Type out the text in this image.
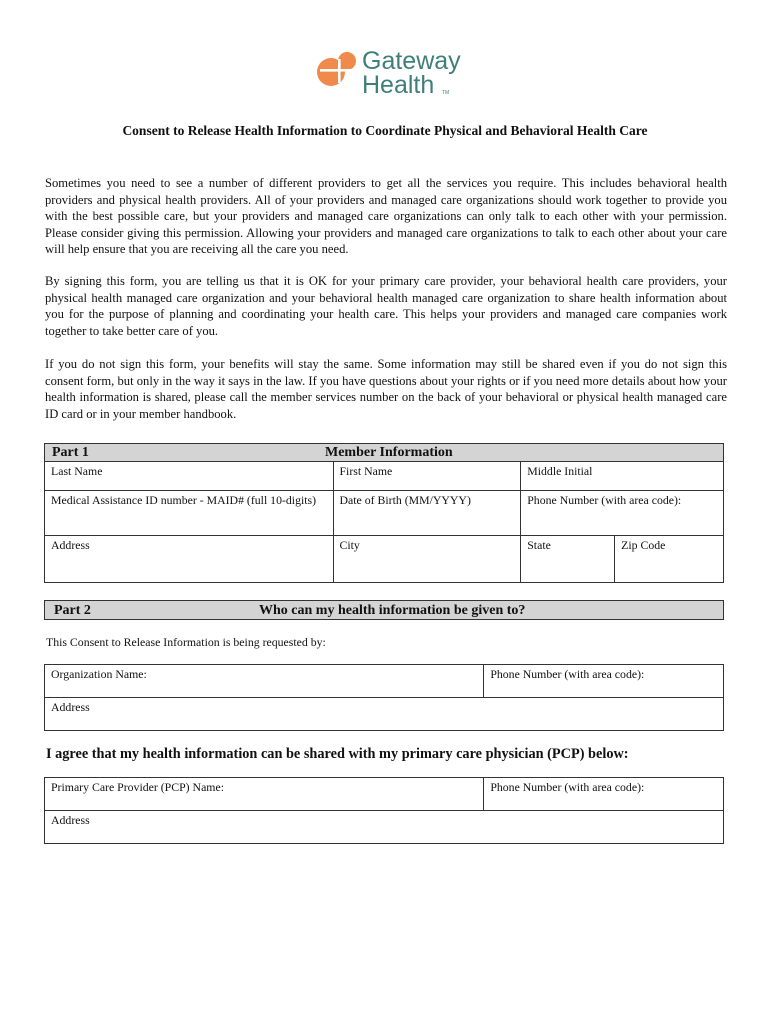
Gateway
Health TM
Consent to Release Health Information to Coordinate Physical and Behavioral Health Care

Sometimes you need to see a number of different providers to get all the services you require. This includes behavioral health providers and physical health providers. All of your providers and managed care organizations should work together to provide you with the best possible care, but your providers and managed care organizations can only talk to each other with your permission. Please consider giving this permission. Allowing your providers and managed care organizations to talk to each other about your care will help ensure that you are receiving all the care you need.

By signing this form, you are telling us that it is OK for your primary care provider, your behavioral health care providers, your physical health managed care organization and your behavioral health managed care organization to share health information about you for the purpose of planning and coordinating your health care. This helps your providers and managed care companies work together to take better care of you.

If you do not sign this form, your benefits will stay the same. Some information may still be shared even if you do not sign this consent form, but only in the way it says in the law. If you have questions about your rights or if you need more details about how your health information is shared, please call the member services number on the back of your behavioral or physical health managed care ID card or in your member handbook.

Part 1	Member Information
Last Name	First Name	Middle Initial	
Medical Assistance ID number - MAID# (full 10-digits)	Date of Birth (MM/YYYY)	Phone Number (with area code):	
Address	City	State	Zip Code
Part 2	Who can my health information be given to?
This Consent to Release Information is being requested by:
Organization Name:	Phone Number (with area code):
Address
I agree that my health information can be shared with my primary care physician (PCP) below:
Primary Care Provider (PCP) Name:	Phone Number (with area code):
Address
